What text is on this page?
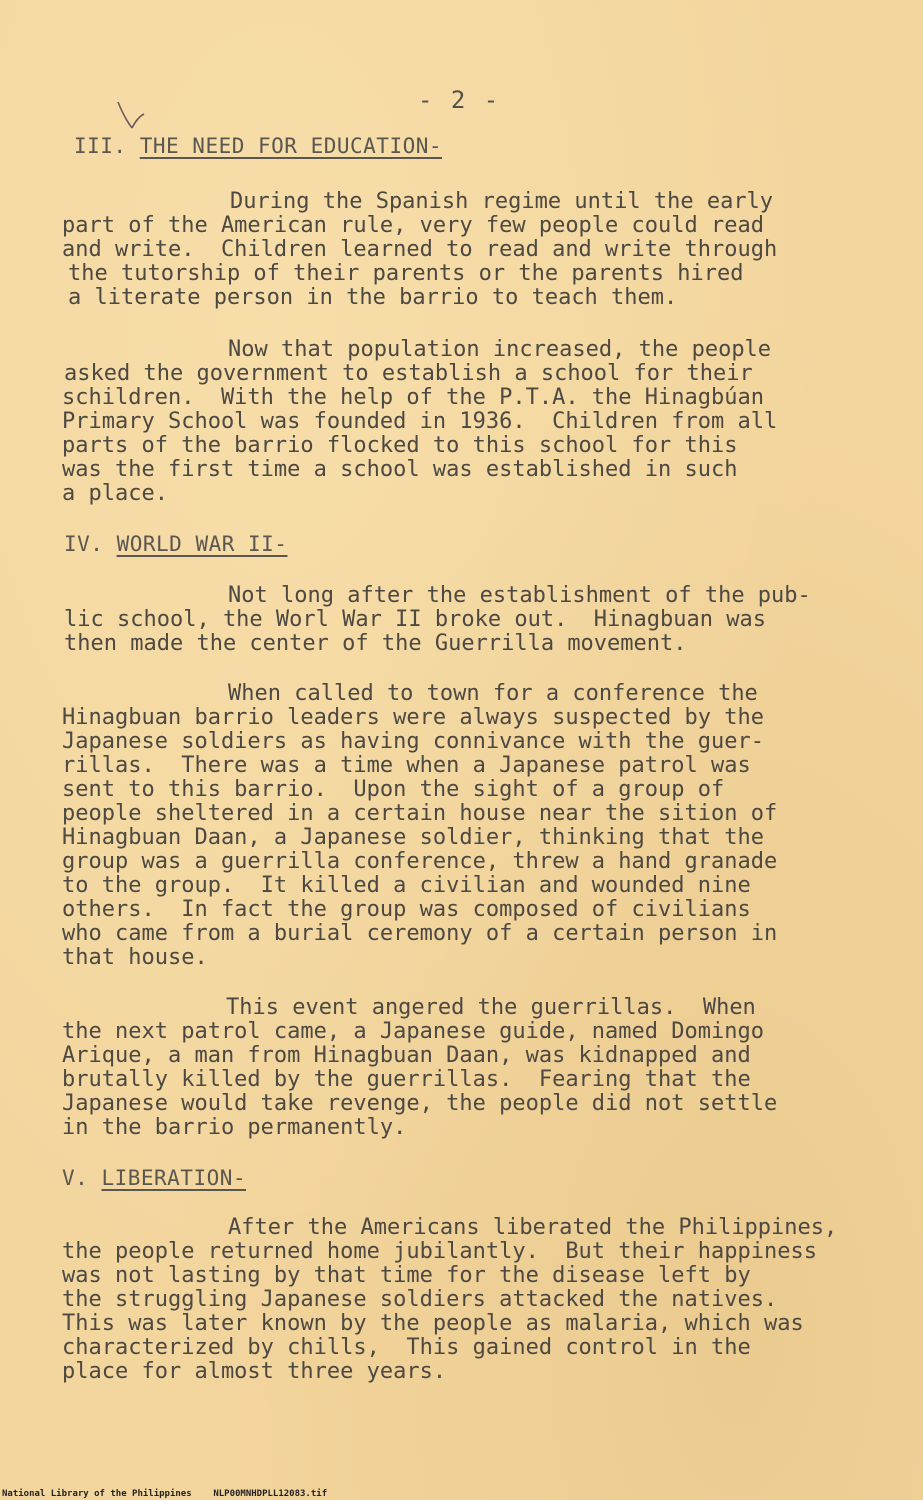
- 2 -
III. THE NEED FOR EDUCATION-
During the Spanish regime until the early
part of the American rule, very few people could read
and write.  Children learned to read and write through
the tutorship of their parents or the parents hired
a literate person in the barrio to teach them.
Now that population increased, the people
asked the government to establish a school for their
schildren.  With the help of the P.T.A. the Hinagbúan
Primary School was founded in 1936.  Children from all
parts of the barrio flocked to this school for this
was the first time a school was established in such
a place.
IV. WORLD WAR II-
Not long after the establishment of the pub-
lic school, the Worl War II broke out.  Hinagbuan was
then made the center of the Guerrilla movement.
When called to town for a conference the
Hinagbuan barrio leaders were always suspected by the
Japanese soldiers as having connivance with the guer-
rillas.  There was a time when a Japanese patrol was
sent to this barrio.  Upon the sight of a group of
people sheltered in a certain house near the sition of
Hinagbuan Daan, a Japanese soldier, thinking that the
group was a guerrilla conference, threw a hand granade
to the group.  It killed a civilian and wounded nine
others.  In fact the group was composed of civilians
who came from a burial ceremony of a certain person in
that house.
This event angered the guerrillas.  When
the next patrol came, a Japanese guide, named Domingo
Arique, a man from Hinagbuan Daan, was kidnapped and
brutally killed by the guerrillas.  Fearing that the
Japanese would take revenge, the people did not settle
in the barrio permanently.
V. LIBERATION-
After the Americans liberated the Philippines,
the people returned home jubilantly.  But their happiness
was not lasting by that time for the disease left by
the struggling Japanese soldiers attacked the natives.
This was later known by the people as malaria, which was
characterized by chills,  This gained control in the
place for almost three years.
National Library of the Philippines    NLP00MNHDPLL12083.tif
